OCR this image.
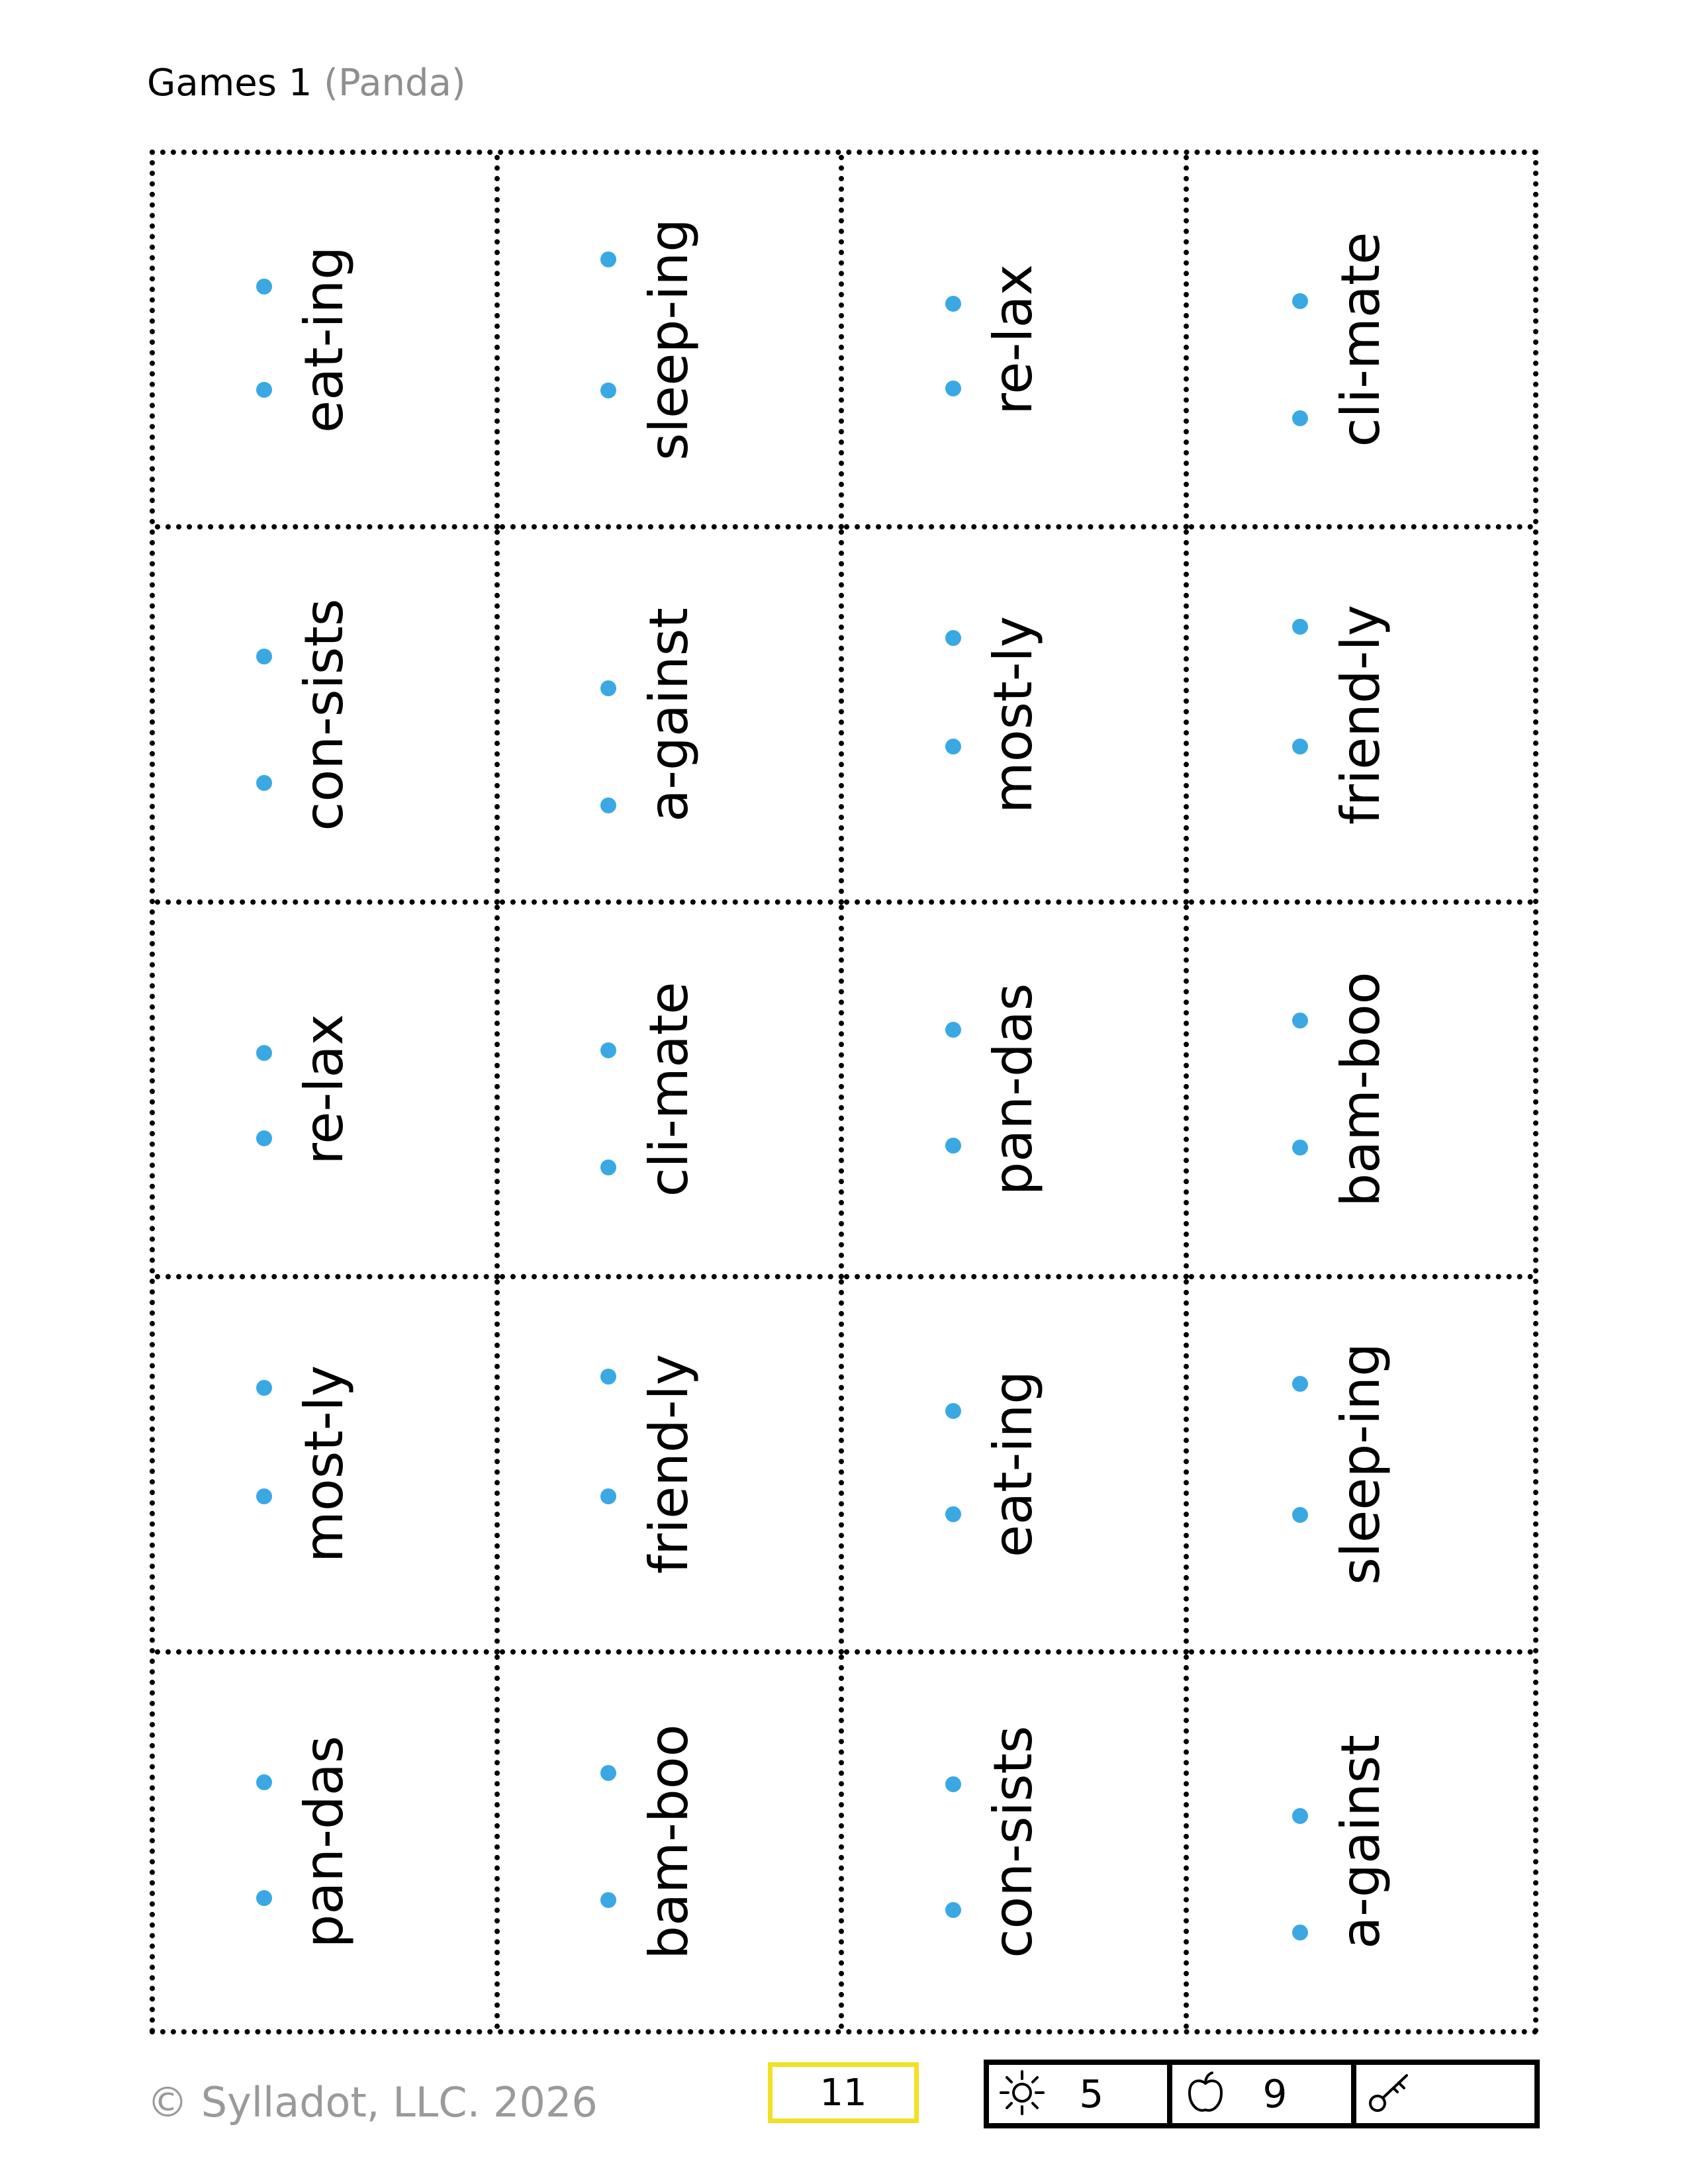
Games 1 (Panda)
eat-ing	sleep-ing	re-lax	cli-mate
con-sists	a-gainst	most-ly	friend-ly
re-lax	cli-mate	pan-das	bam-boo
most-ly	friend-ly	eat-ing	sleep-ing
pan-das	bam-boo	con-sists	a-gainst
© Sylladot, LLC. 2026	11	5	9
